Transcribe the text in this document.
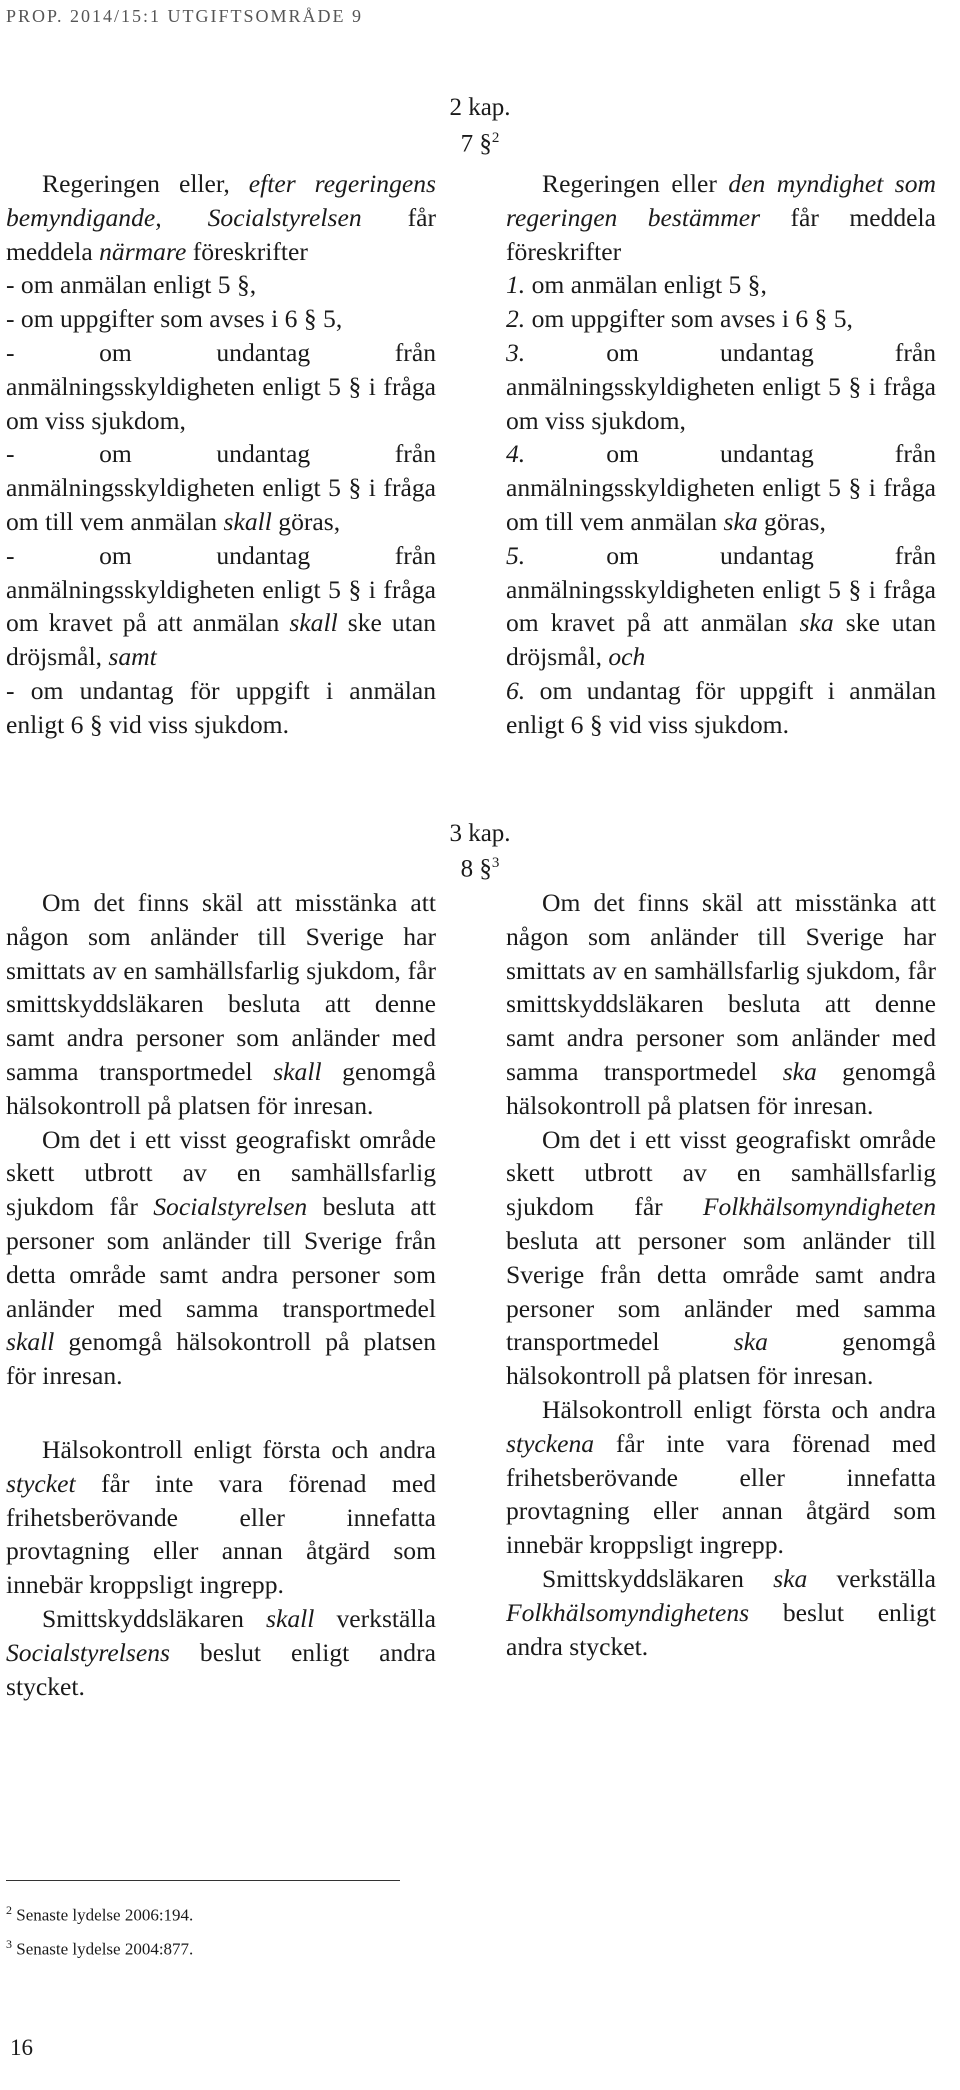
PROP. 2014/15:1 UTGIFTSOMRÅDE 9
2 kap.
7 §$^2$

Regeringen eller, efter regeringens bemyndigande, Socialstyrelsen får meddela närmare föreskrifter

- om anmälan enligt 5 §,

- om uppgifter som avses i 6 § 5,

- om undantag från anmälningsskyldigheten enligt 5 § i fråga om viss sjukdom,

- om undantag från anmälningsskyldigheten enligt 5 § i fråga om till vem anmälan skall göras,

- om undantag från anmälningsskyldigheten enligt 5 § i fråga om kravet på att anmälan skall ske utan dröjsmål, samt

- om undantag för uppgift i anmälan enligt 6 § vid viss sjukdom.

Regeringen eller den myndighet som regeringen bestämmer får meddela föreskrifter

1. om anmälan enligt 5 §,

2. om uppgifter som avses i 6 § 5,

3.	om undantag från anmälningsskyldigheten enligt 5 § i fråga om viss sjukdom,

4.	om undantag från anmälningsskyldigheten enligt 5 § i fråga om till vem anmälan ska göras,

5.	om undantag från anmälningsskyldigheten enligt 5 § i fråga om kravet på att anmälan ska ske utan dröjsmål, och

6. om undantag för uppgift i anmälan enligt 6 § vid viss sjukdom.

3 kap.
8 §$^3$

Om det finns skäl att misstänka att någon som anländer till Sverige har smittats av en samhällsfarlig sjukdom, får smittskyddsläkaren besluta att denne samt andra personer som anländer med samma transportmedel skall genomgå hälsokontroll på platsen för inresan.

Om det i ett visst geografiskt område skett utbrott av en samhällsfarlig sjukdom får Socialstyrelsen besluta att personer som anländer till Sverige från detta område samt andra personer som anländer med samma transportmedel skall genomgå hälsokontroll på platsen för inresan.

Hälsokontroll enligt första och andra stycket får inte vara förenad med frihetsberövande eller innefatta provtagning eller annan åtgärd som innebär kroppsligt ingrepp.

Smittskyddsläkaren skall verkställa Socialstyrelsens beslut enligt andra stycket.

Om det finns skäl att misstänka att någon som anländer till Sverige har smittats av en samhällsfarlig sjukdom, får smittskyddsläkaren besluta att denne samt andra personer som anländer med samma transportmedel ska genomgå hälsokontroll på platsen för inresan.

Om det i ett visst geografiskt område skett utbrott av en samhällsfarlig sjukdom får Folkhälsomyndigheten besluta att personer som anländer till Sverige från detta område samt andra personer som anländer med samma transportmedel	ska	genomgå hälsokontroll på platsen för inresan.

Hälsokontroll enligt första och andra styckena får inte vara förenad med frihetsberövande eller innefatta provtagning eller annan åtgärd som innebär kroppsligt ingrepp.

Smittskyddsläkaren ska verkställa Folkhälsomyndighetens beslut enligt andra stycket.

$^2$ Senaste lydelse 2006:194.
$^3$ Senaste lydelse 2004:877.
16
